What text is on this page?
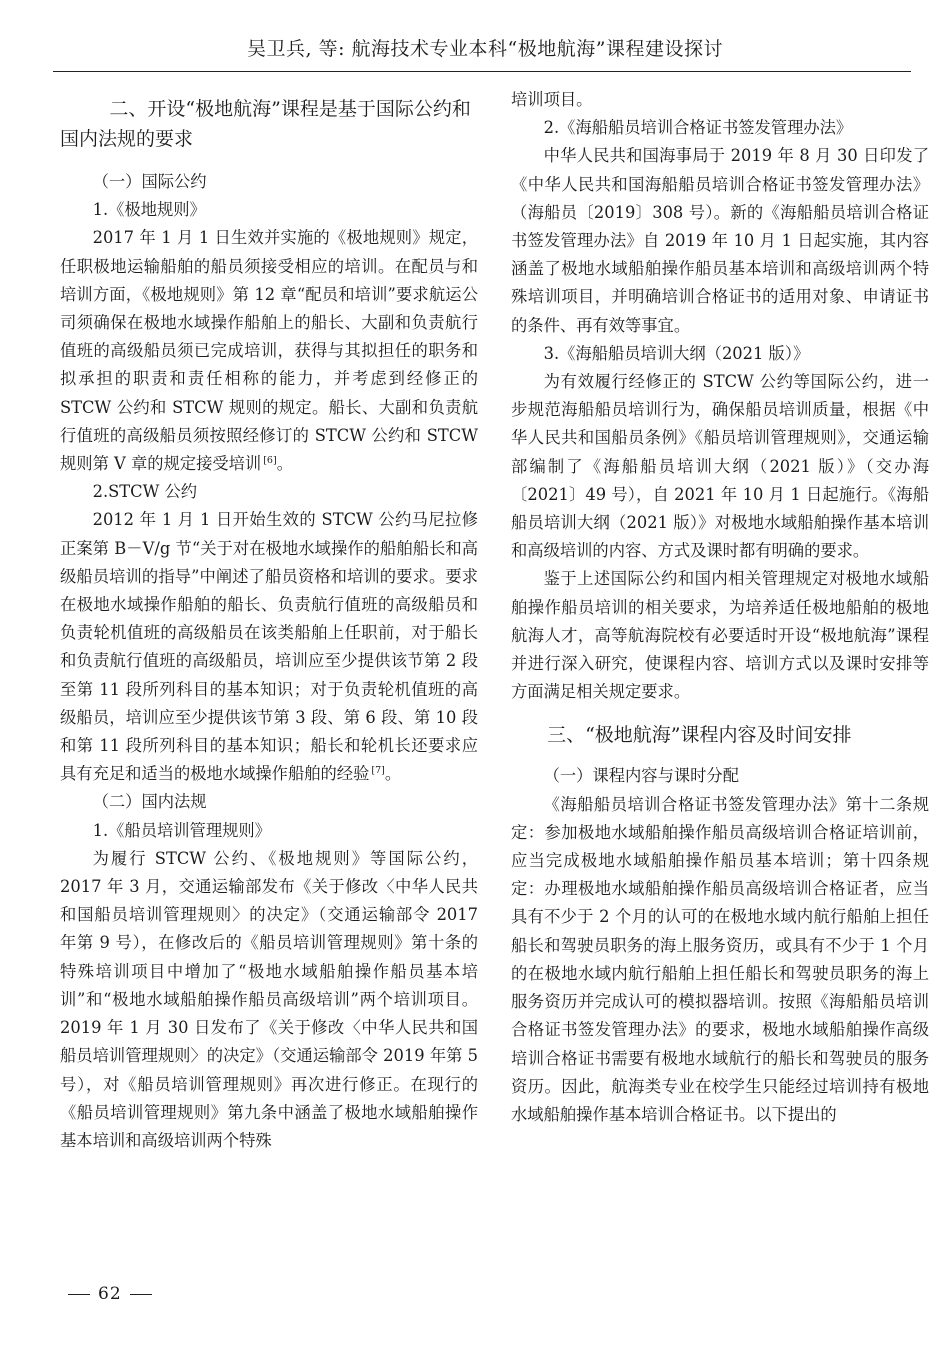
吴卫兵, 等: 航海技术专业本科“极地航海”课程建设探讨
二、开设“极地航海”课程是基于国际公约和国内法规的要求

（一）国际公约

1.《极地规则》

2017 年 1 月 1 日生效并实施的《极地规则》规定，任职极地运输船舶的船员须接受相应的培训。在配员与和培训方面，《极地规则》第 12 章“配员和培训”要求航运公司须确保在极地水域操作船舶上的船长、大副和负责航行值班的高级船员须已完成培训，获得与其拟担任的职务和拟承担的职责和责任相称的能力，并考虑到经修正的 STCW 公约和 STCW 规则的规定。船长、大副和负责航行值班的高级船员须按照经修订的 STCW 公约和 STCW 规则第 V 章的规定接受培训 [6]。

2.STCW 公约

2012 年 1 月 1 日开始生效的 STCW 公约马尼拉修正案第 B－Ⅴ/g 节“关于对在极地水域操作的船舶船长和高级船员培训的指导”中阐述了船员资格和培训的要求。要求在极地水域操作船舶的船长、负责航行值班的高级船员和负责轮机值班的高级船员在该类船舶上任职前，对于船长和负责航行值班的高级船员，培训应至少提供该节第 2 段至第 11 段所列科目的基本知识；对于负责轮机值班的高级船员，培训应至少提供该节第 3 段、第 6 段、第 10 段和第 11 段所列科目的基本知识；船长和轮机长还要求应具有充足和适当的极地水域操作船舶的经验 [7]。

（二）国内法规

1.《船员培训管理规则》

为履行 STCW 公约、《极地规则》等国际公约，2017 年 3 月，交通运输部发布《关于修改〈中华人民共和国船员培训管理规则〉的决定》（交通运输部令 2017 年第 9 号），在修改后的《船员培训管理规则》第十条的特殊培训项目中增加了“极地水域船舶操作船员基本培训”和“极地水域船舶操作船员高级培训”两个培训项目。2019 年 1 月 30 日发布了《关于修改〈中华人民共和国船员培训管理规则〉的决定》（交通运输部令 2019 年第 5 号），对《船员培训管理规则》再次进行修正。在现行的《船员培训管理规则》第九条中涵盖了极地水域船舶操作基本培训和高级培训两个特殊

培训项目。

2.《海船船员培训合格证书签发管理办法》

中华人民共和国海事局于 2019 年 8 月 30 日印发了《中华人民共和国海船船员培训合格证书签发管理办法》（海船员〔2019〕308 号）。新的《海船船员培训合格证书签发管理办法》自 2019 年 10 月 1 日起实施，其内容涵盖了极地水域船舶操作船员基本培训和高级培训两个特殊培训项目，并明确培训合格证书的适用对象、申请证书的条件、再有效等事宜。

3.《海船船员培训大纲（2021 版）》

为有效履行经修正的 STCW 公约等国际公约，进一步规范海船船员培训行为，确保船员培训质量，根据《中华人民共和国船员条例》《船员培训管理规则》，交通运输部编制了《海船船员培训大纲（2021 版）》（交办海〔2021〕49 号），自 2021 年 10 月 1 日起施行。《海船船员培训大纲（2021 版）》对极地水域船舶操作基本培训和高级培训的内容、方式及课时都有明确的要求。

鉴于上述国际公约和国内相关管理规定对极地水域船舶操作船员培训的相关要求，为培养适任极地船舶的极地航海人才，高等航海院校有必要适时开设“极地航海”课程并进行深入研究，使课程内容、培训方式以及课时安排等方面满足相关规定要求。

三、“极地航海”课程内容及时间安排

（一）课程内容与课时分配

《海船船员培训合格证书签发管理办法》第十二条规定：参加极地水域船舶操作船员高级培训合格证培训前，应当完成极地水域船舶操作船员基本培训；第十四条规定：办理极地水域船舶操作船员高级培训合格证者，应当具有不少于 2 个月的认可的在极地水域内航行船舶上担任船长和驾驶员职务的海上服务资历，或具有不少于 1 个月的在极地水域内航行船舶上担任船长和驾驶员职务的海上服务资历并完成认可的模拟器培训。按照《海船船员培训合格证书签发管理办法》的要求，极地水域船舶操作高级培训合格证书需要有极地水域航行的船长和驾驶员的服务资历。因此，航海类专业在校学生只能经过培训持有极地水域船舶操作基本培训合格证书。以下提出的

62
